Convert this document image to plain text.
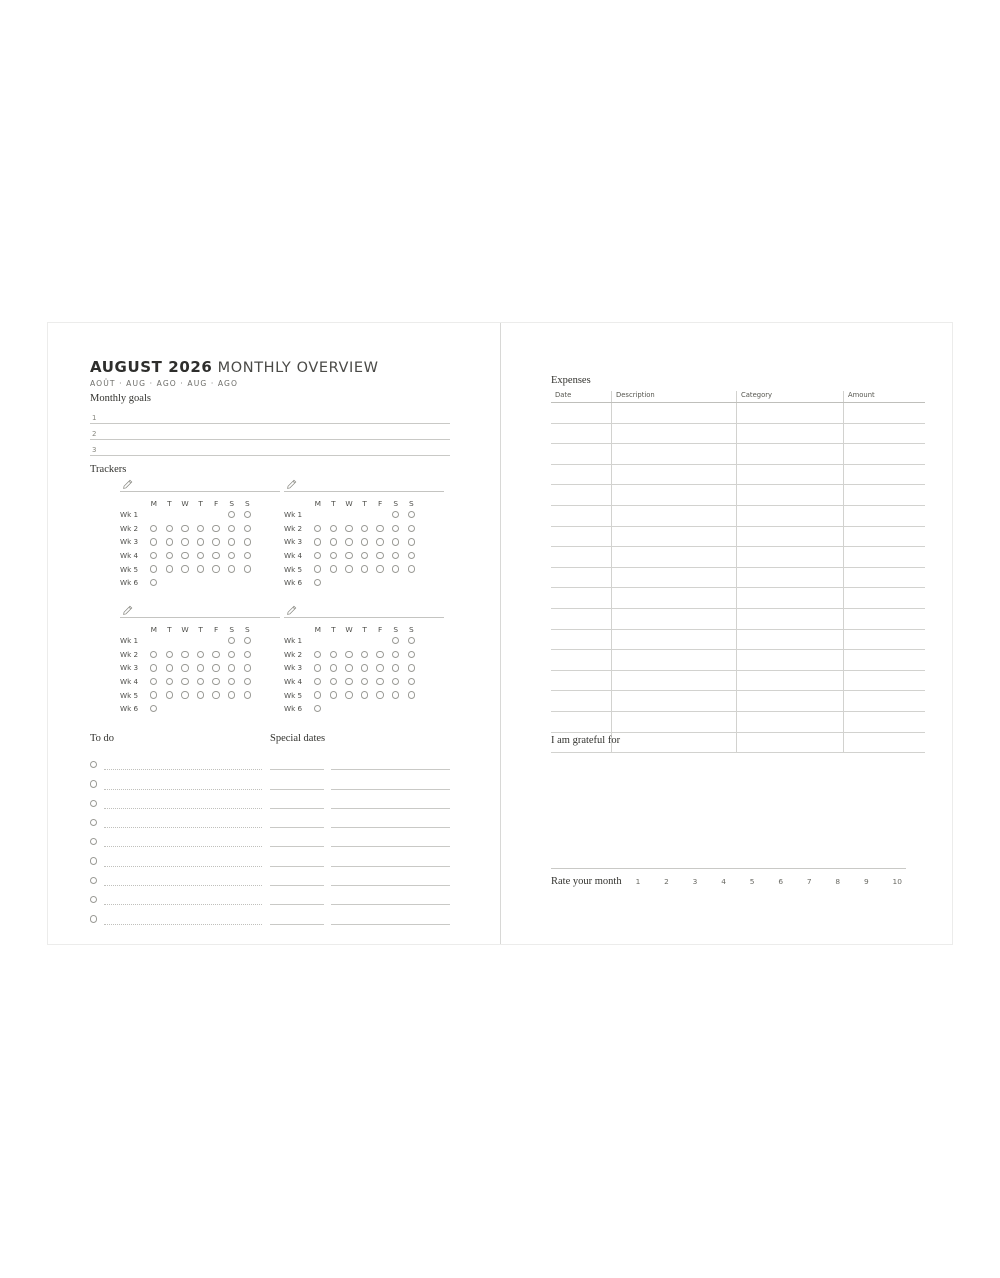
AUGUST 2026 MONTHLY OVERVIEW
AOÛT · AUG · AGO · AUG · AGO
Monthly goals
1
2
3
Trackers
M	T	W	T	F	S	S
Wk 1
Wk 2
Wk 3
Wk 4
Wk 5
Wk 6
M	T	W	T	F	S	S
Wk 1
Wk 2
Wk 3
Wk 4
Wk 5
Wk 6
M	T	W	T	F	S	S
Wk 1
Wk 2
Wk 3
Wk 4
Wk 5
Wk 6
M	T	W	T	F	S	S
Wk 1
Wk 2
Wk 3
Wk 4
Wk 5
Wk 6
To do	Special dates
Expenses
Date	Description	Category	Amount

I am grateful for
Rate your month 1	2	3	4	5	6	7	8	9	10
